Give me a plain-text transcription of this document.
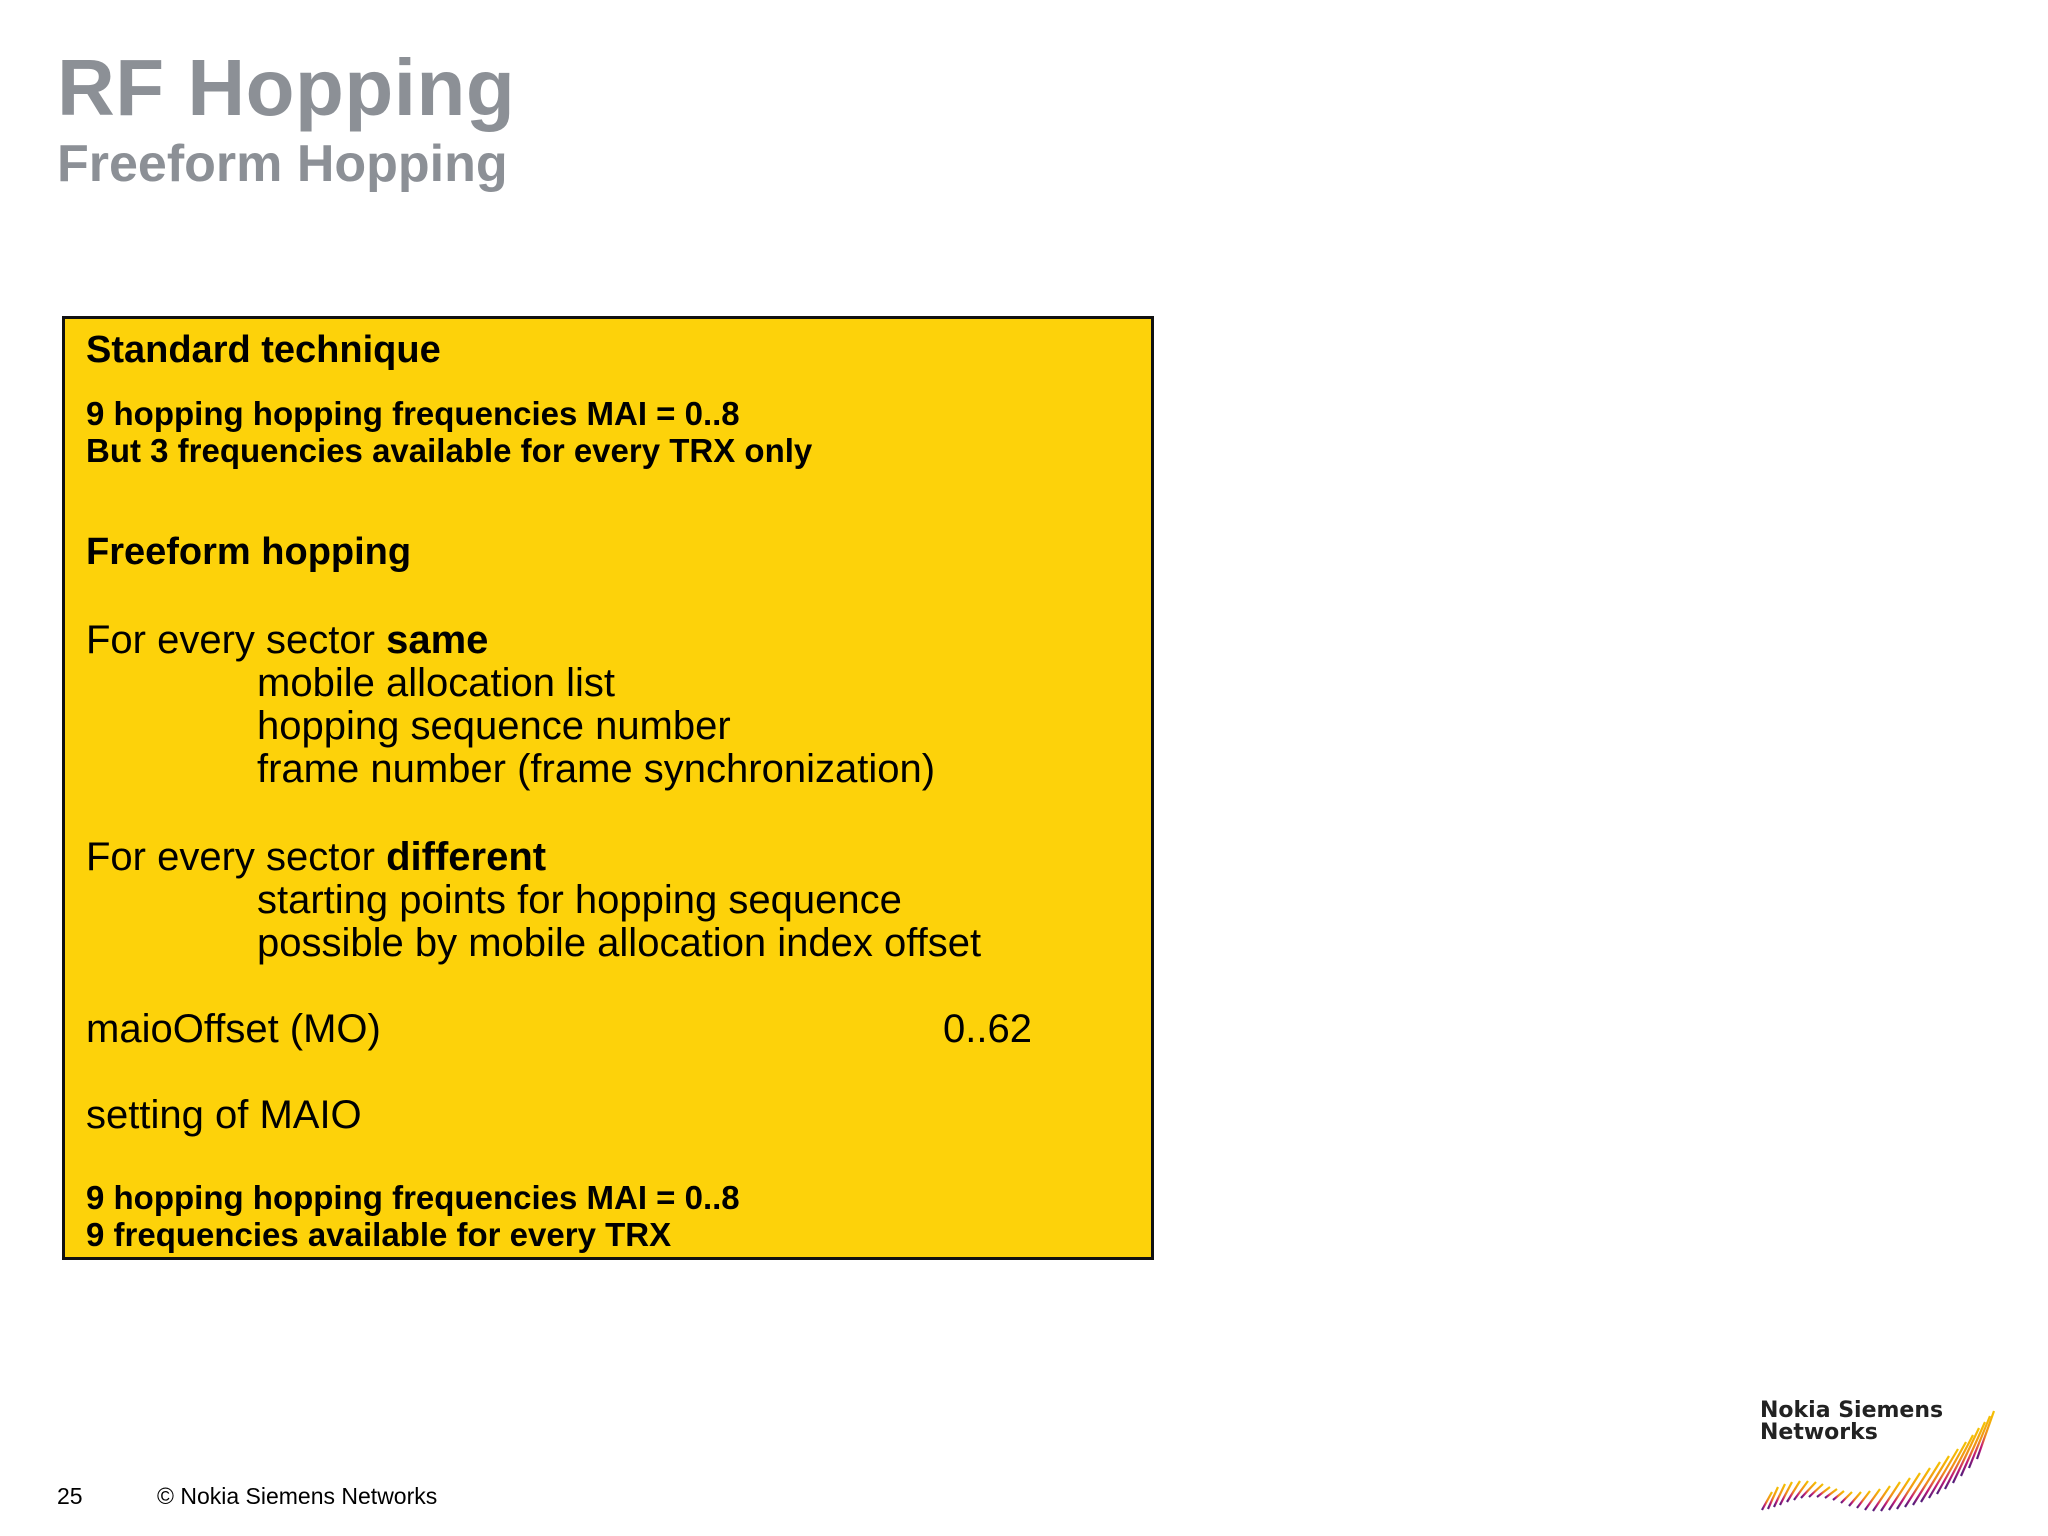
RF Hopping
Freeform Hopping
Standard technique
9 hopping hopping frequencies MAI = 0..8
But 3 frequencies available for every TRX only
Freeform hopping
For every sector same
mobile allocation list
hopping sequence number
frame number (frame synchronization)
For every sector different
starting points for hopping sequence
possible by mobile allocation index offset
maioOffset (MO)	0..62
setting of MAIO
9 hopping hopping frequencies MAI = 0..8
9 frequencies available for every TRX
25	© Nokia Siemens Networks
Nokia Siemens
Networks
